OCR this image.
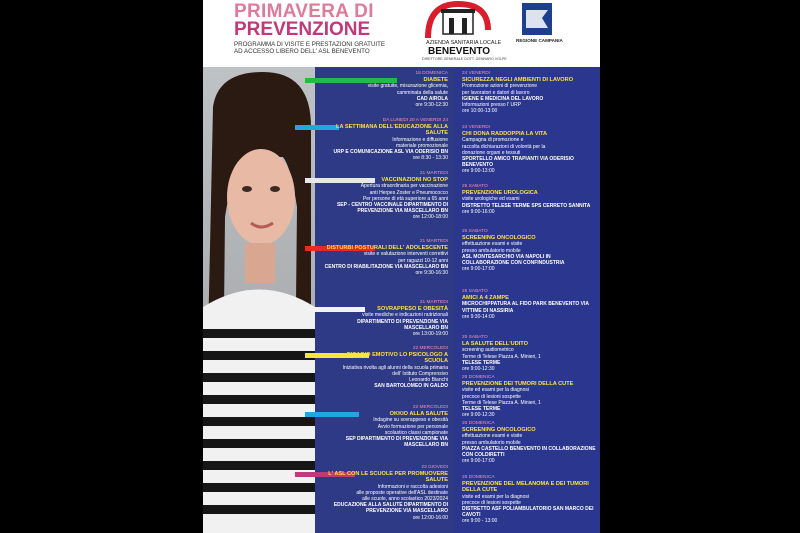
PRIMAVERA DI
PREVENZIONE
PROGRAMMA DI VISITE E PRESTAZIONI GRATUITE
AD ACCESSO LIBERO DELL' ASL BENEVENTO
AZIENDA SANITARIA LOCALE
BENEVENTO
DIRETTORE GENERALE DOTT. GENNARO VOLPE
REGIONE CAMPANIA
18 DOMENICA
DIABETE
visite gratuite, misurazione glicemia,
camminata della salute
CAD AIROLA
ore 9:30-12:30
DA LUNEDI 20 A VENERDI 24
LA SETTIMANA DELL'EDUCAZIONE ALLA SALUTE
Informazione e diffusione
materiale promozionale
URP E COMUNICAZIONE ASL VIA ODERISIO BN
ore 8:30 - 13:30
21 MARTEDI
VACCINAZIONI NO STOP
Apertura straordinaria per vaccinazione
anti Herpes Zoster e Pneumococco
Per persone di età superiore a 65 anni
SEP - CENTRO VACCINALE DIPARTIMENTO DI PREVENZIONE VIA MASCELLARO BN
ore 12:00-18:00
21 MARTEDI
DISTURBI POSTURALI DELL' ADOLESCENTE
visite e valutazione interventi correttivi
per ragazzi 10-12 anni
CENTRO DI RIABILITAZIONE VIA MASCELLARO BN
ore 9:30-16:30
21 MARTEDI
SOVRAPPESO E OBESITÀ
visite mediche e indicazioni nutrizionali
DIPARTIMENTO DI PREVENZIONE VIA MASCELLARO BN
ore 13:00-19:00
22 MERCOLEDI
DISAGIO EMOTIVO LO PSICOLOGO A SCUOLA
Iniziativa rivolta agli alunni della scuola primaria
dell' Istituto Comprensivo
Leonardo Bianchi
SAN BARTOLOMEO IN GALDO
22 MERCOLEDI
OKKIO ALLA SALUTE
Indagine su sovrappeso e obesità
Avvio formazione per personale
scolastico classi campionate
SEP DIPARTIMENTO DI PREVENZIONE VIA MASCELLARO BN
23 GIOVEDI
L' ASL CON LE SCUOLE PER PROMUOVERE SALUTE
Informazioni e raccolta adesioni
alle proposte operative dell'ASL destinate
alle scuole, anno scolastico 2023/2024
EDUCAZIONE ALLA SALUTE DIPARTIMENTO DI PREVENZIONE VIA MASCELLARO
ore 12:00-16:00
24 VENERDI
SICUREZZA NEGLI AMBIENTI DI LAVORO
Promozione azioni di prevenzione
per lavoratori e datori di lavoro
IGIENE E MEDICINA DEL LAVORO
Informazioni presso l' URP
ore 10:00-13:00
24 VENERDI
CHI DONA RADDOPPIA LA VITA
Campagna di promozione e
raccolta dichiarazioni di volontà per la
donazione organi e tessuti
SPORTELLO AMICO TRAPIANTI VIA ODERISIO BENEVENTO
ore 9:00-13:00
25 SABATO
PREVENZIONE UROLOGICA
visite urologiche ed esami
DISTRETTO TELESE TERME SPS CERRETO SANNITA
ore 9:00-16:00
25 SABATO
SCREENING ONCOLOGICO
effettuazione esami e visite
presso ambulatorio mobile
ASL MONTESARCHIO VIA NAPOLI IN COLLABORAZIONE CON CONFINDUSTRIA
ore 9:00-17:00
25 SABATO
AMICI A 4 ZAMPE
MICROCHIPPATURA AL FIDO PARK BENEVENTO VIA VITTIME DI NASSIRIA
ore 9:30-14:00
25 SABATO
LA SALUTE DELL'UDITO
screening audiometrico
Terme di Telese Piazza A. Minieri, 1
TELESE TERME
ore 9:00-12:30
26 DOMENICA
PREVENZIONE DEI TUMORI DELLA CUTE
visite ed esami per la diagnosi
precoce di lesioni sospette
Terme di Telese Piazza A. Minieri, 1
TELESE TERME
ore 9:00-12:30
26 DOMENICA
SCREENING ONCOLOGICO
effettuazione esami e visite
presso ambulatorio mobile
PIAZZA CASTELLO BENEVENTO IN COLLABORAZIONE CON COLDIRETTI
ore 9:00-17:00
26 DOMENICA
PREVENZIONE DEL MELANOMA E DEI TUMORI DELLA CUTE
visite ed esami per la diagnosi
precoce di lesioni sospette
DISTRETTO ASF POLIAMBULATORIO SAN MARCO DEI CAVOTI
ore 9:00 - 13:00
